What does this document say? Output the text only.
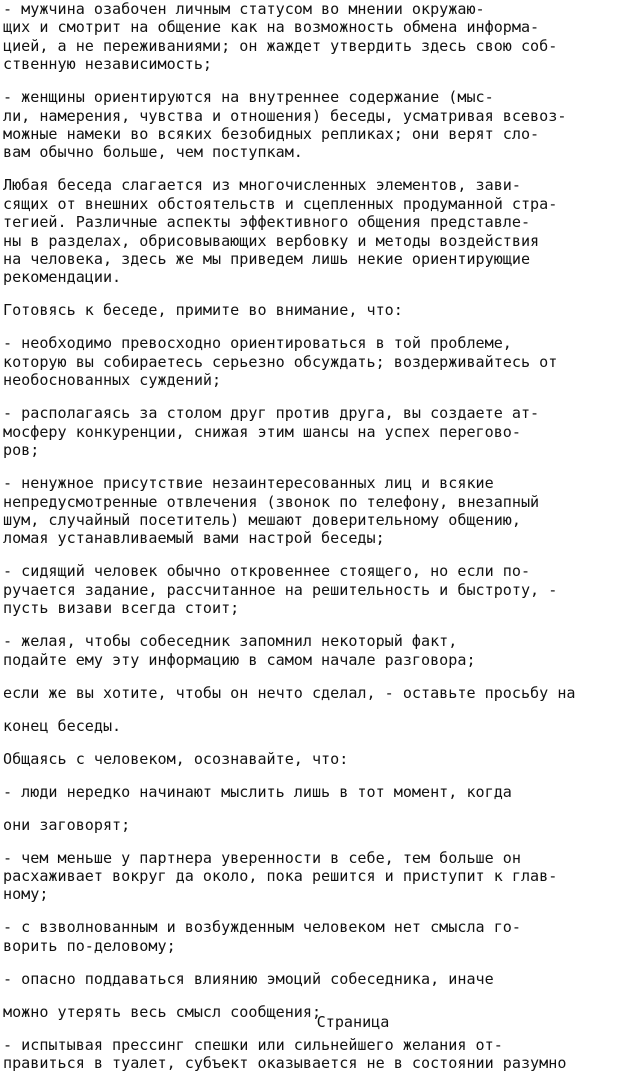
- мужчина озабочен личным статусом во мнении окружаю-
щих и смотрит на общение как на возможность обмена информа-
цией, а не переживаниями; он жаждет утвердить здесь свою соб-
ственную независимость;
- женщины ориентируются на внутреннее содержание (мыс-
ли, намерения, чувства и отношения) беседы, усматривая всевоз-
можные намеки во всяких безобидных репликах; они верят сло-
вам обычно больше, чем поступкам.
Любая беседа слагается из многочисленных элементов, зави-
сящих от внешних обстоятельств и сцепленных продуманной стра-
тегией. Различные аспекты эффективного общения представле-
ны в разделах, обрисовывающих вербовку и методы воздействия
на человека, здесь же мы приведем лишь некие ориентирующие
рекомендации.
Готовясь к беседе, примите во внимание, что:
- необходимо превосходно ориентироваться в той проблеме,
которую вы собираетесь серьезно обсуждать; воздерживайтесь от
необоснованных суждений;
- располагаясь за столом друг против друга, вы создаете ат-
мосферу конкуренции, снижая этим шансы на успех перегово-
ров;
- ненужное присутствие незаинтересованных лиц и всякие
непредусмотренные отвлечения (звонок по телефону, внезапный
шум, случайный посетитель) мешают доверительному общению,
ломая устанавливаемый вами настрой беседы;
- сидящий человек обычно откровеннее стоящего, но если по-
ручается задание, рассчитанное на решительность и быстроту, -
пусть визави всегда стоит;
- желая, чтобы собеседник запомнил некоторый факт,
подайте ему эту информацию в самом начале разговора;
если же вы хотите, чтобы он нечто сделал, - оставьте просьбу на
конец беседы.
Общаясь с человеком, осознавайте, что:
- люди нередко начинают мыслить лишь в тот момент, когда
они заговорят;
- чем меньше у партнера уверенности в себе, тем больше он
расхаживает вокруг да около, пока решится и приступит к глав-
ному;
- с взволнованным и возбужденным человеком нет смысла го-
ворить по-деловому;
- опасно поддаваться влиянию эмоций собеседника, иначе
можно утерять весь смысл сообщения;
- испытывая прессинг спешки или сильнейшего желания от-
правиться в туалет, субъект оказывается не в состоянии разумно
Страница
